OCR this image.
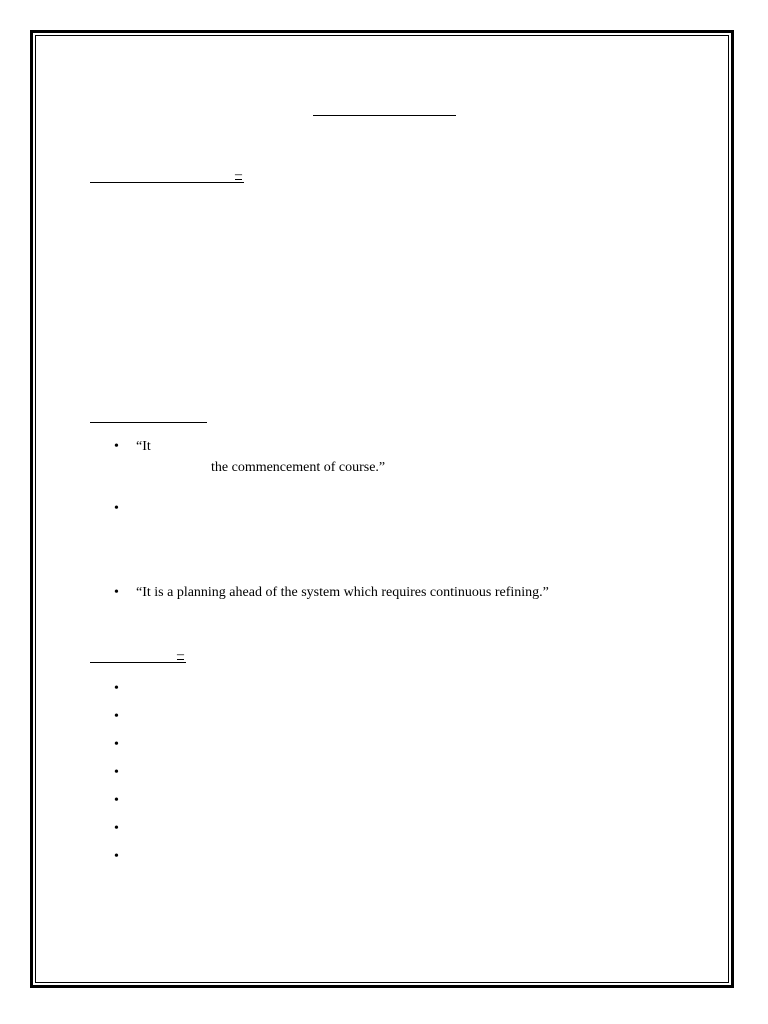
–
•	“It
the commencement of course.”
•
•	“It is a planning ahead of the system which requires continuous refining.”
–
•
•
•
•
•
•
•
